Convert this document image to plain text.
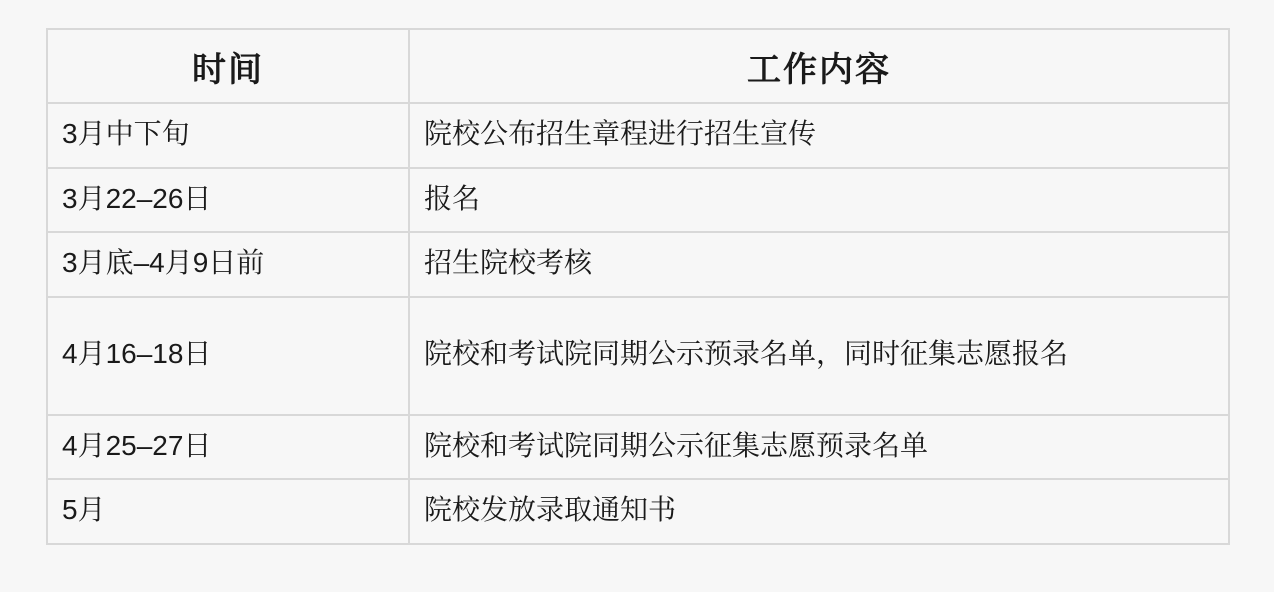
时间	工作内容
3月中下旬	院校公布招生章程进行招生宣传
3月22–26日	报名
3月底–4月9日前	招生院校考核
4月16–18日	院校和考试院同期公示预录名单，同时征集志愿报名
4月25–27日	院校和考试院同期公示征集志愿预录名单
5月	院校发放录取通知书
